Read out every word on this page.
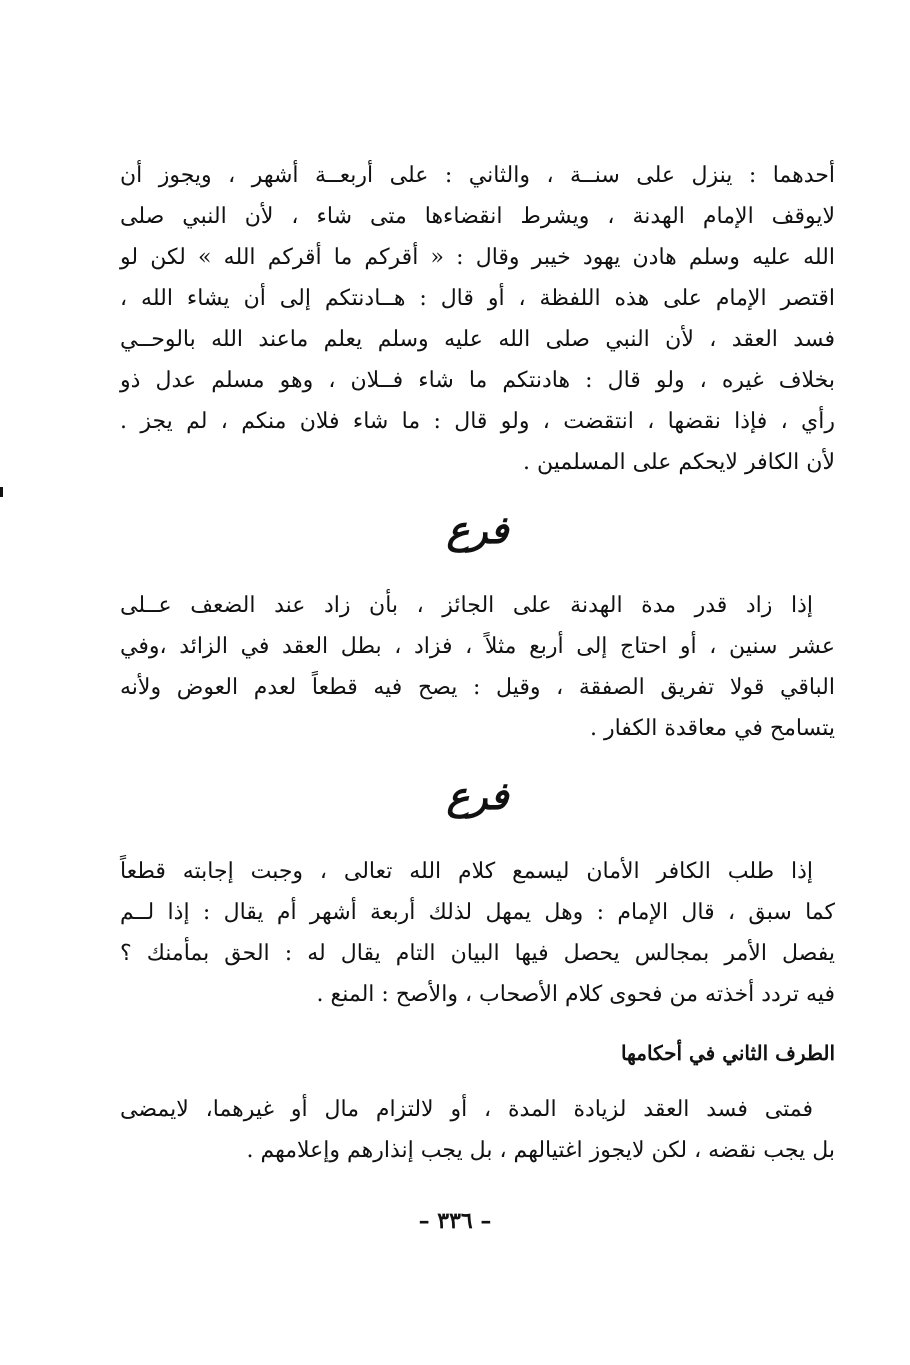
أحدهما : ينزل على سنــة ، والثاني : على أربعــة أشهر ، ويجوز أن
لايوقف الإمام الهدنة ، ويشرط انقضاءها متى شاء ، لأن النبي صلى
الله عليه وسلم هادن يهود خيبر وقال : « أقركم ما أقركم الله » لكن لو
اقتصر الإمام على هذه اللفظة ، أو قال : هــادنتكم إلى أن يشاء الله ،
فسد العقد ، لأن النبي صلى الله عليه وسلم يعلم ماعند الله بالوحــي
بخلاف غيره ، ولو قال : هادنتكم ما شاء فــلان ، وهو مسلم عدل ذو
رأي ، فإذا نقضها ، انتقضت ، ولو قال : ما شاء فلان منكم ، لم يجز .
لأن الكافر لايحكم على المسلمين .
فرع
إذا زاد قدر مدة الهدنة على الجائز ، بأن زاد عند الضعف عــلى
عشر سنين ، أو احتاج إلى أربع مثلاً ، فزاد ، بطل العقد في الزائد ،وفي
الباقي قولا تفريق الصفقة ، وقيل : يصح فيه قطعاً لعدم العوض ولأنه
يتسامح في معاقدة الكفار .
فرع
إذا طلب الكافر الأمان ليسمع كلام الله تعالى ، وجبت إجابته قطعاً
كما سبق ، قال الإمام : وهل يمهل لذلك أربعة أشهر أم يقال : إذا لــم
يفصل الأمر بمجالس يحصل فيها البيان التام يقال له : الحق بمأمنك ؟
فيه تردد أخذته من فحوى كلام الأصحاب ، والأصح : المنع .
الطرف الثاني في أحكامها
فمتى فسد العقد لزيادة المدة ، أو لالتزام مال أو غيرهما، لايمضى
بل يجب نقضه ، لكن لايجوز اغتيالهم ، بل يجب إنذارهم وإعلامهم .
– ٣٣٦ –
